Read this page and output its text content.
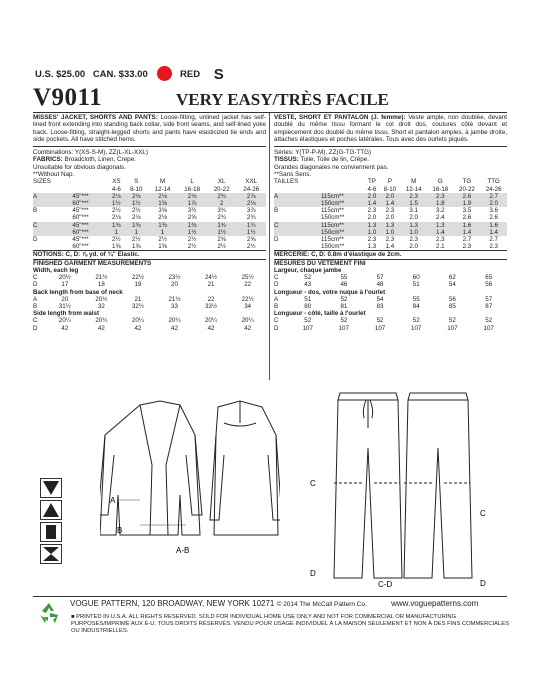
U.S. $25.00 CAN. $33.00	RED S
V9011	VERY EASY/TRÈS FACILE
MISSES' JACKET, SHORTS AND PANTS: Loose-fitting, unlined jacket has self-lined front extending into standing back collar, side front seams, and self-lined yoke back. Loose-fitting, straight-legged shorts and pants have elasticized tie ends and side pockets. All have stitched hems.
Combinations: Y(XS-S-M), ZZ(L-XL-XXL)
FABRICS: Broadcloth, Linen, Crepe.
Unsuitable for obvious diagonals.
**Without Nap.
SIZES		XS	S	M	L	XL	XXL
		4-6	8-10	12-14	16-18	20-22	24-26
A	45"***	2⅛	2⅛	2⅛	2⅛	2¾	2⅞
	60"***	1½	1½	1⅝	1⅞	2	2⅛
B	45"***	2½	2½	3⅝	3½	3¾	3⅞
	60"***	2⅛	2⅛	2⅛	2⅝	2¾	2¾
C	45"***	1⅜	1⅜	1⅜	1⅜	1¾	1¾
	60"***	1	1	1	1½	1½	1½
D	45"***	2½	2½	2½	2½	2⅝	2⅝
	60"***	1⅝	1⅝	1⅝	2½	2½	2½
NOTIONS: C, D: ⅞ yd. of ¾" Elastic.
FINISHED GARMENT MEASUREMENTS
Width, each leg						
C		20½	21½	22½	23½	24½	25½
D		17	18	19	20	21	22
Back length from base of neck						
A		20	20½	21	21½	22	22½
B		31½	32	32½	33	33½	34
Side length from waist						
C		20¼	20¼	20¼	20¼	20¼	20¼
D		42	42	42	42	42	42
VESTE, SHORT ET PANTALON (J. femme): Veste ample, non doublée, devant doublé du même tissu formant le col droit dos, coutures côté devant et empiècement dos doublé du même tissu. Short et pantalon amples, à jambe droite, attaches élastiques et poches latérales. Tous avec des ourlets piqués.
Séries: Y(TP-P-M), ZZ(G-TG-TTG)
TISSUS: Toile, Toile de lin, Crêpe.
Grandes diagonales ne conviennent pas.
**Sans Sens.
TAILLES		TP	P	M	G	TG	TTG
		4-6	8-10	12-14	16-18	20-22	24-26
A	115cm**	2.0	2.0	2.3	2.3	2.6	2.7
	150cm**	1.4	1.4	1.5	1.8	1.9	2.0
B	115cm**	2.3	2.3	3.1	3.2	3.5	3.6
	150cm**	2.0	2.0	2.0	2.4	2.6	2.6
C	115cm**	1.3	1.3	1.3	1.3	1.6	1.6
	150cm**	1.0	1.0	1.0	1.4	1.4	1.4
D	115cm**	2.3	2.3	2.3	2.3	2.7	2.7
	150cm**	1.3	1.4	2.0	2.1	2.3	2.3
MERCERIE: C, D: 0.8m d'élastique de 2cm.
MESURES DU VETEMENT FINI
Largeur, chaque jambe						
C		52	55	57	60	62	65
D		43	46	48	51	54	56
Longueur - dos, votre nuque à l'ourlet						
A		51	52	54	55	56	57
B		80	81	83	84	85	87
Longueur - côté, taille à l'ourlet						
C		52	52	52	52	52	52
D		107	107	107	107	107	107
A
B
A-B
C
D
C-D
C
D
VOGUE PATTERN, 120 BROADWAY, NEW YORK 10271 © 2014 The McCall Pattern Co.	www.voguepatterns.com
■ PRINTED IN U.S.A. ALL RIGHTS RESERVED. SOLD FOR INDIVIDUAL HOME USE ONLY AND NOT FOR COMMERCIAL OR MANUFACTURING PURPOSES/IMPRIMÉ AUX É-U. TOUS DROITS RÉSERVÉS. VENDU POUR USAGE INDIVIDUEL À LA MAISON SEULEMENT ET NON À DES FINS COMMERCIALES OU INDUSTRIELLES.
